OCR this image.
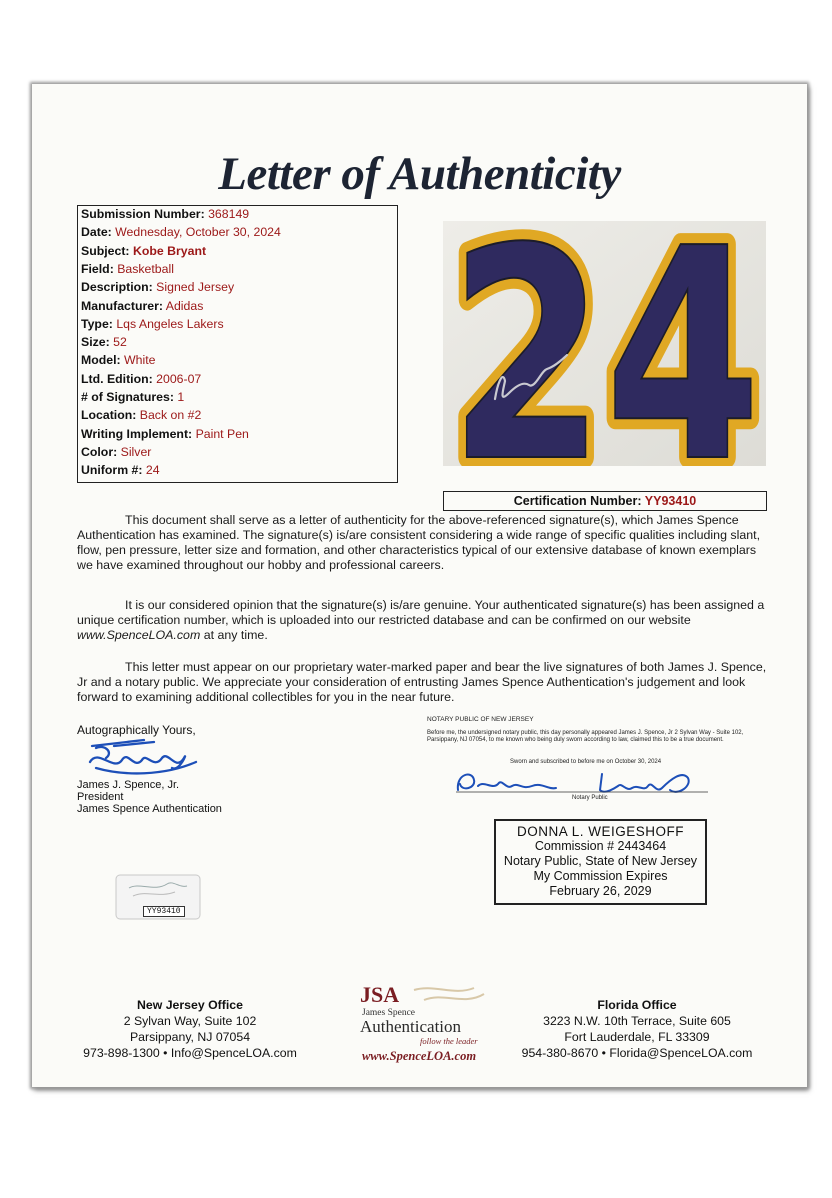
Letter of Authenticity
Submission Number: 368149
Date: Wednesday, October 30, 2024
Subject: Kobe Bryant
Field: Basketball
Description: Signed Jersey
Manufacturer: Adidas
Type: Lqs Angeles Lakers
Size: 52
Model: White
Ltd. Edition: 2006-07
# of Signatures: 1
Location: Back on #2
Writing Implement: Paint Pen
Color: Silver
Uniform #: 24 24
24
Certification Number: YY93410
This document shall serve as a letter of authenticity for the above-referenced signature(s), which James Spence Authentication has examined. The signature(s) is/are consistent considering a wide range of specific qualities including slant, flow, pen pressure, letter size and formation, and other characteristics typical of our extensive database of known exemplars we have examined throughout our hobby and professional careers.
It is our considered opinion that the signature(s) is/are genuine. Your authenticated signature(s) has been assigned a unique certification number, which is uploaded into our restricted database and can be confirmed on our website www.SpenceLOA.com at any time.
This letter must appear on our proprietary water-marked paper and bear the live signatures of both James J. Spence, Jr and a notary public. We appreciate your consideration of entrusting James Spence Authentication's judgement and look forward to examining additional collectibles for you in the near future.
Autographically Yours,
James J. Spence, Jr.
President
James Spence Authentication
NOTARY PUBLIC OF NEW JERSEY
Before me, the undersigned notary public, this day personally appeared James J. Spence, Jr 2 Sylvan Way - Suite 102, Parsippany, NJ 07054, to me known who being duly sworn according to law, claimed this to be a true document.
Sworn and subscribed to before me on October 30, 2024
Notary Public
DONNA L. WEIGESHOFF
Commission # 2443464
Notary Public, State of New Jersey
My Commission Expires
February 26, 2029
YY93410
New Jersey Office
2 Sylvan Way, Suite 102
Parsippany, NJ 07054
973-898-1300 • Info@SpenceLOA.com
JSA
James Spence
Authentication
follow the leader
www.SpenceLOA.com
Florida Office
3223 N.W. 10th Terrace, Suite 605
Fort Lauderdale, FL 33309
954-380-8670 • Florida@SpenceLOA.com
